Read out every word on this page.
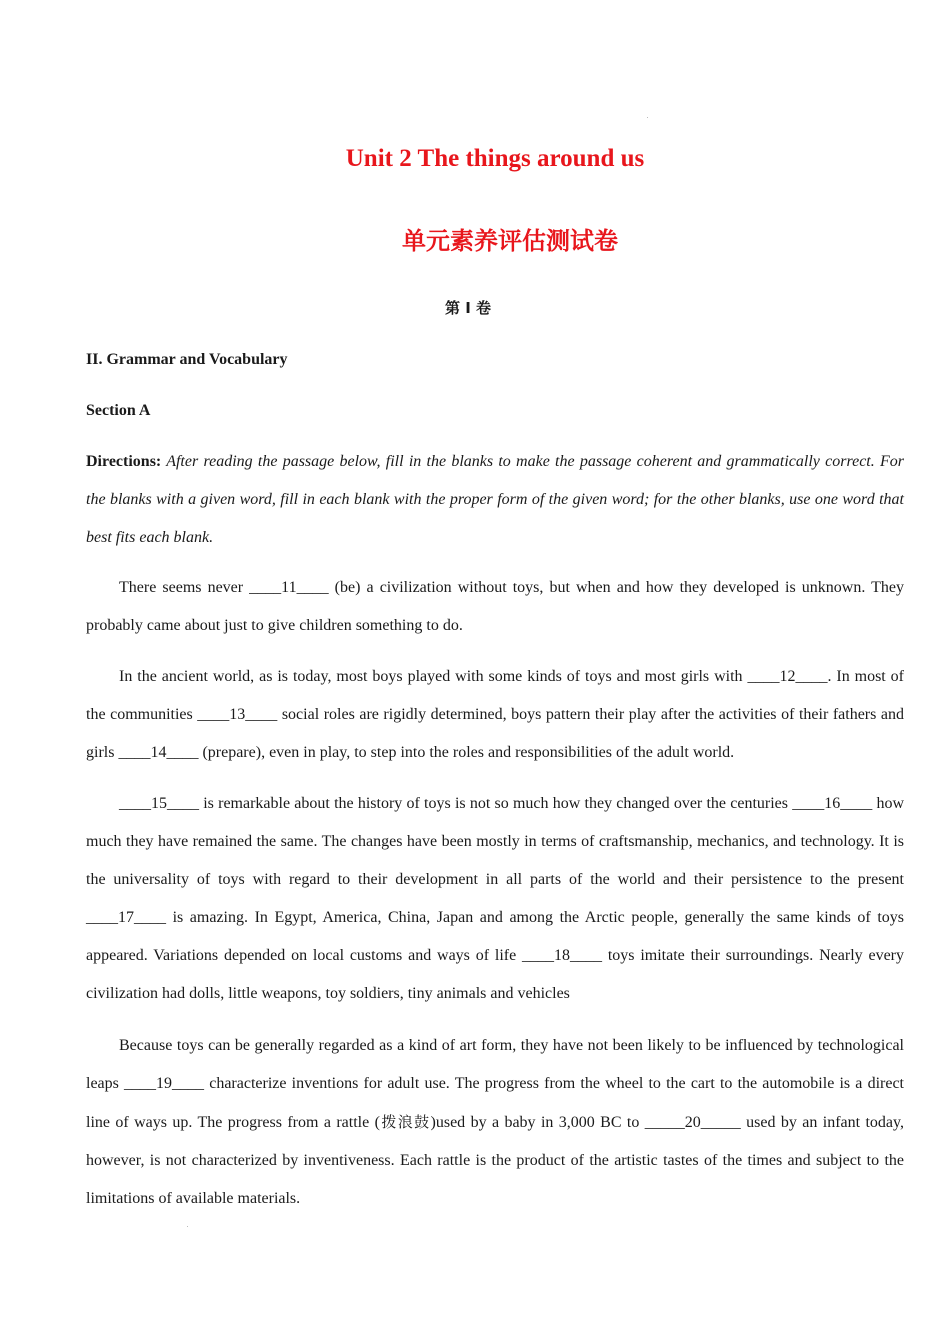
Unit 2 The things around us
单元素养评估测试卷
第 I 卷
II. Grammar and Vocabulary
Section A
Directions: After reading the passage below, fill in the blanks to make the passage coherent and grammatically correct. For the blanks with a given word, fill in each blank with the proper form of the given word; for the other blanks, use one word that best fits each blank.
There seems never ____11____ (be) a civilization without toys, but when and how they developed is unknown. They probably came about just to give children something to do.
In the ancient world, as is today, most boys played with some kinds of toys and most girls with ____12____. In most of the communities ____13____ social roles are rigidly determined, boys pattern their play after the activities of their fathers and girls ____14____ (prepare), even in play, to step into the roles and responsibilities of the adult world.
____15____ is remarkable about the history of toys is not so much how they changed over the centuries ____16____ how much they have remained the same. The changes have been mostly in terms of craftsmanship, mechanics, and technology. It is the universality of toys with regard to their development in all parts of the world and their persistence to the present ____17____ is amazing. In Egypt, America, China, Japan and among the Arctic people, generally the same kinds of toys appeared. Variations depended on local customs and ways of life ____18____ toys imitate their surroundings. Nearly every civilization had dolls, little weapons, toy soldiers, tiny animals and vehicles
Because toys can be generally regarded as a kind of art form, they have not been likely to be influenced by technological leaps ____19____ characterize inventions for adult use. The progress from the wheel to the cart to the automobile is a direct line of ways up. The progress from a rattle (拨浪鼓)used by a baby in 3,000 BC to _____20_____ used by an infant today, however, is not characterized by inventiveness. Each rattle is the product of the artistic tastes of the times and subject to the limitations of available materials.
